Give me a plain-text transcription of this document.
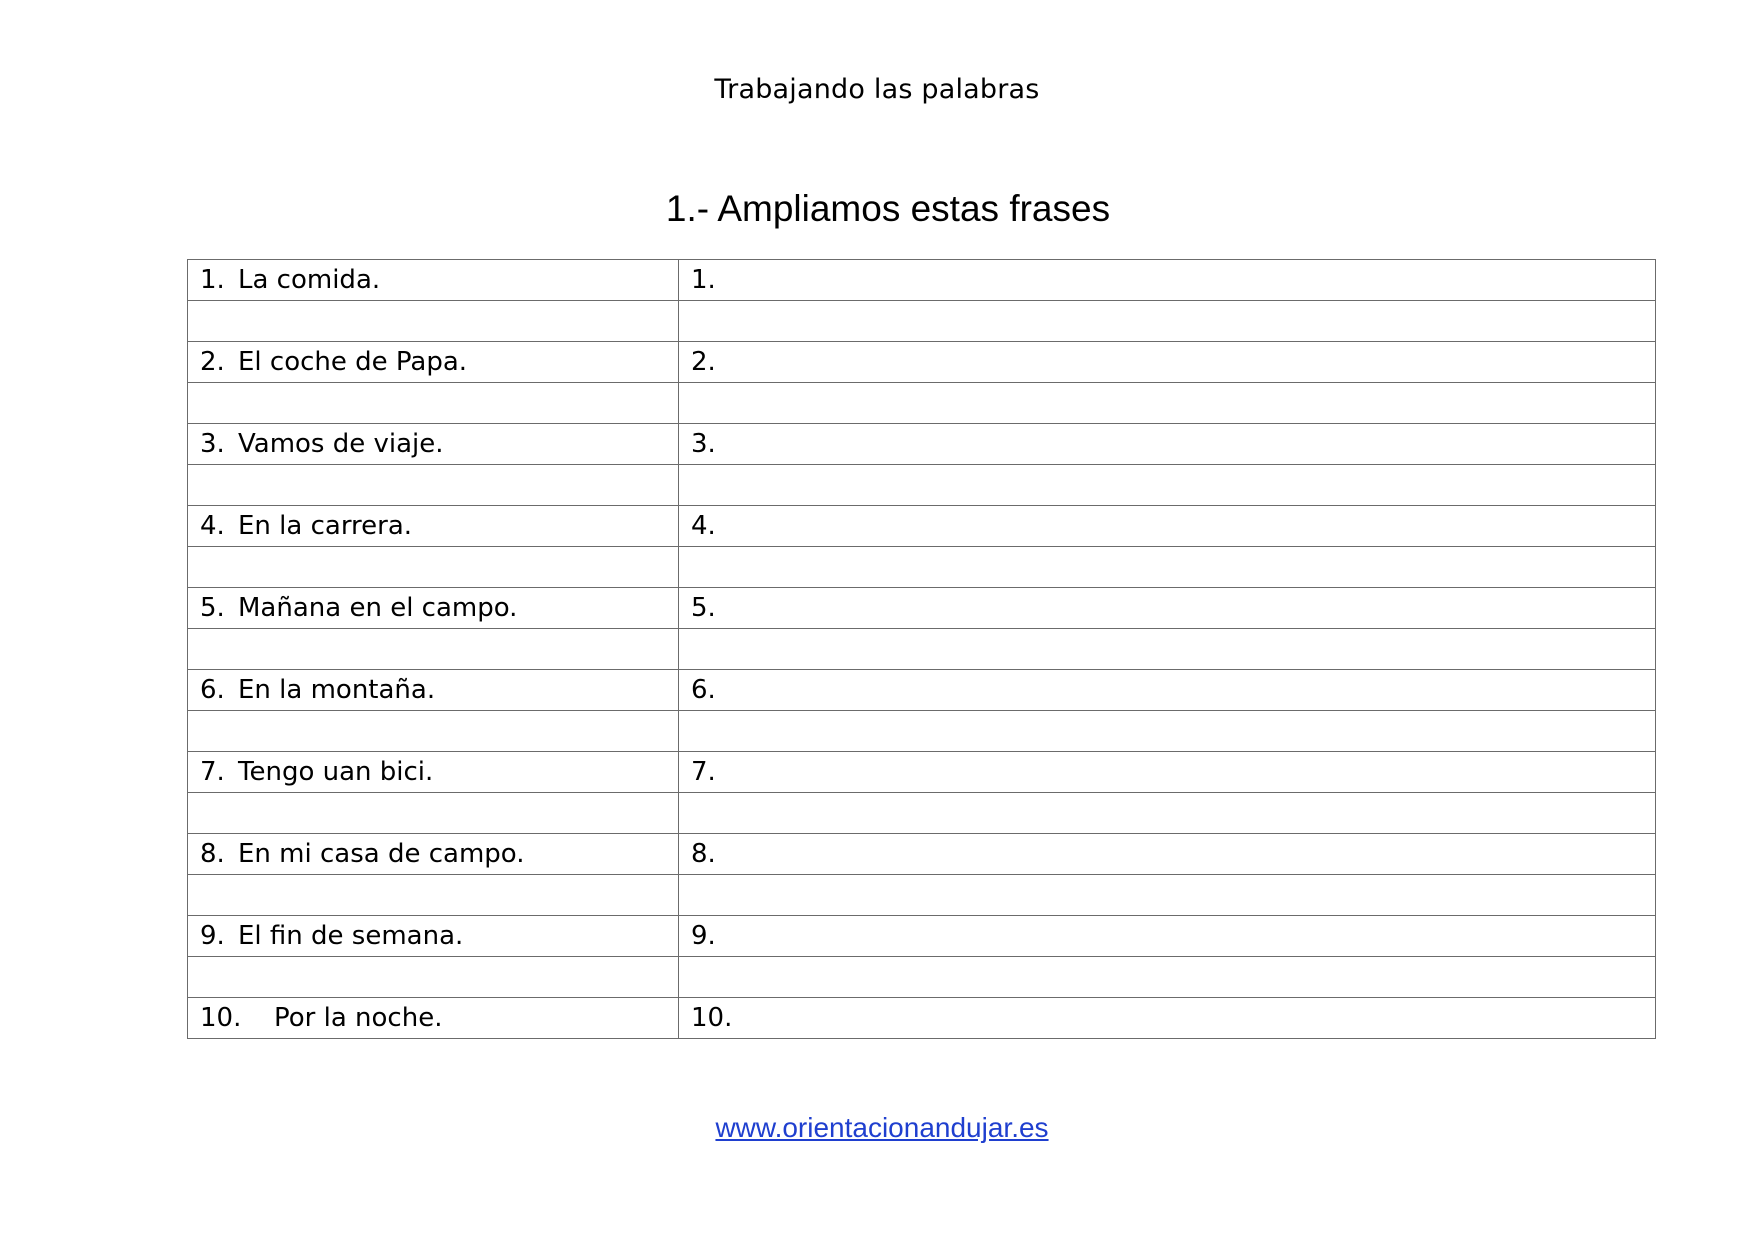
Trabajando las palabras
1.- Ampliamos estas frases
1. La comida.	1.

2. El coche de Papa.	2.

3. Vamos de viaje.	3.

4. En la carrera.	4.

5. Mañana en el campo.	5.

6. En la montaña.	6.

7. Tengo uan bici.	7.

8. En mi casa de campo.	8.

9. El fin de semana.	9.

10. Por la noche.	10.
www.orientacionandujar.es
